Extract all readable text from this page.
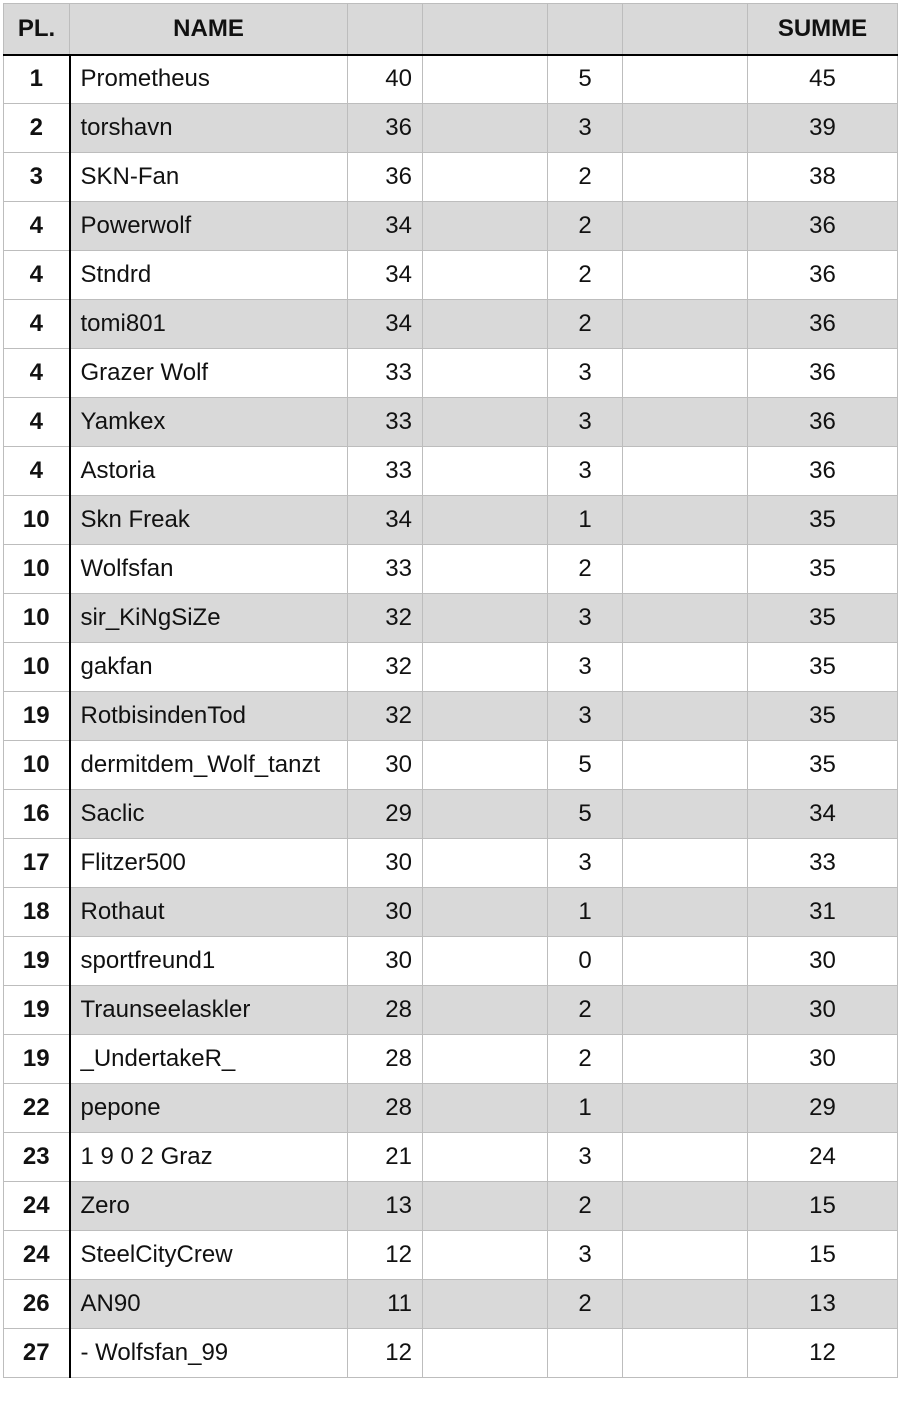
PL.	NAME					SUMME
1	Prometheus	40		5		45
2	torshavn	36		3		39
3	SKN-Fan	36		2		38
4	Powerwolf	34		2		36
4	Stndrd	34		2		36
4	tomi801	34		2		36
4	Grazer Wolf	33		3		36
4	Yamkex	33		3		36
4	Astoria	33		3		36
10	Skn Freak	34		1		35
10	Wolfsfan	33		2		35
10	sir_KiNgSiZe	32		3		35
10	gakfan	32		3		35
19	RotbisindenTod	32		3		35
10	dermitdem_Wolf_tanzt	30		5		35
16	Saclic	29		5		34
17	Flitzer500	30		3		33
18	Rothaut	30		1		31
19	sportfreund1	30		0		30
19	Traunseelaskler	28		2		30
19	_UndertakeR_	28		2		30
22	pepone	28		1		29
23	1 9 0 2 Graz	21		3		24
24	Zero	13		2		15
24	SteelCityCrew	12		3		15
26	AN90	11		2		13
27	- Wolfsfan_99	12				12
